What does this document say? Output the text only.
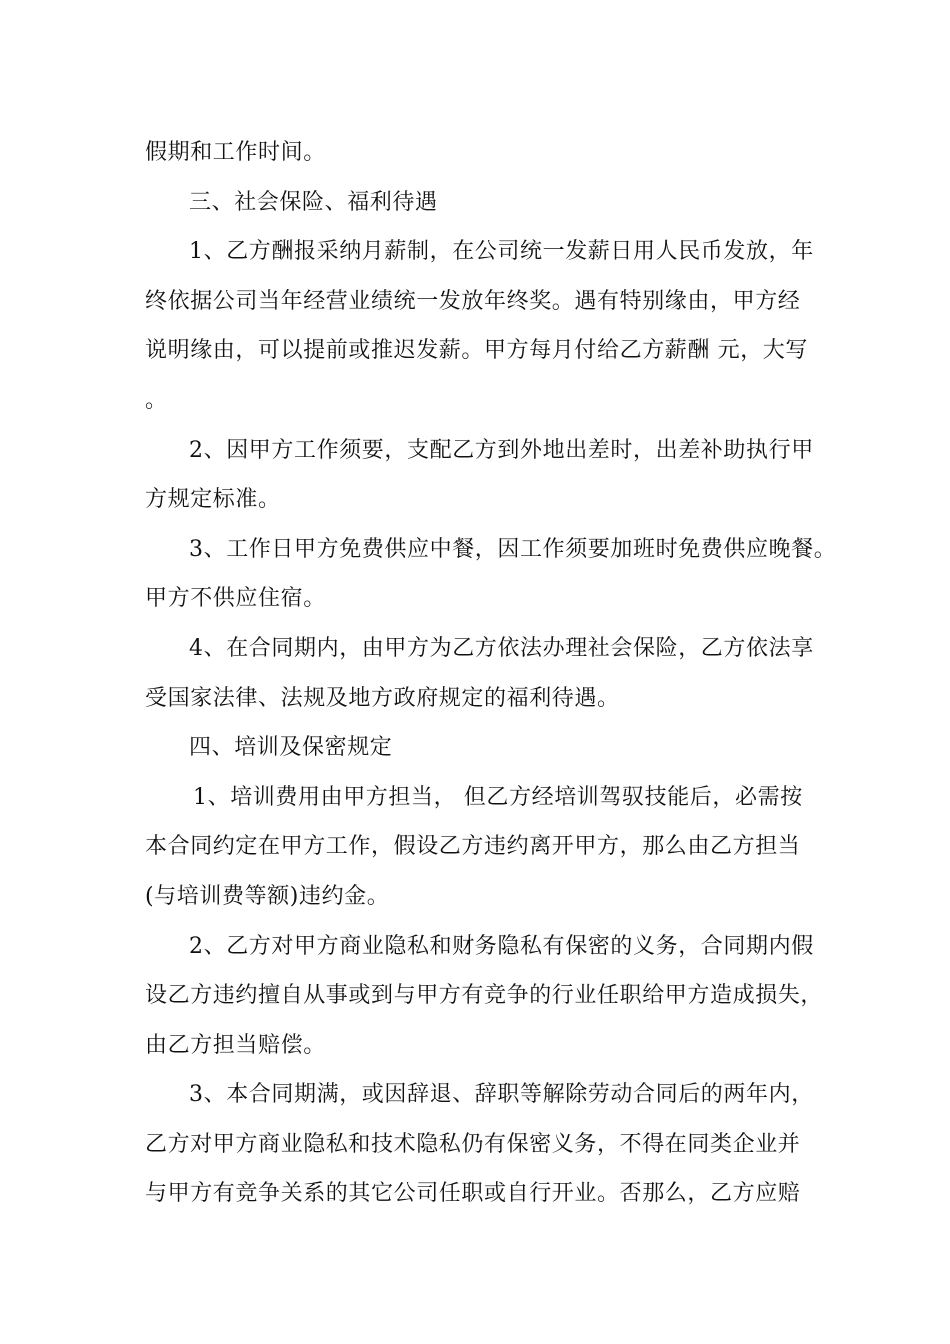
假期和工作时间。
三、社会保险、福利待遇
1、乙方酬报采纳月薪制，在公司统一发薪日用人民币发放，年
终依据公司当年经营业绩统一发放年终奖。遇有特别缘由，甲方经
说明缘由，可以提前或推迟发薪。甲方每月付给乙方薪酬 元，大写
。
2、因甲方工作须要，支配乙方到外地出差时，出差补助执行甲
方规定标准。
3、工作日甲方免费供应中餐，因工作须要加班时免费供应晚餐。
甲方不供应住宿。
4、在合同期内，由甲方为乙方依法办理社会保险，乙方依法享
受国家法律、法规及地方政府规定的福利待遇。
四、培训及保密规定
1、培训费用由甲方担当， 但乙方经培训驾驭技能后，必需按
本合同约定在甲方工作，假设乙方违约离开甲方，那么由乙方担当
(与培训费等额)违约金。
2、乙方对甲方商业隐私和财务隐私有保密的义务，合同期内假
设乙方违约擅自从事或到与甲方有竞争的行业任职给甲方造成损失，
由乙方担当赔偿。
3、本合同期满，或因辞退、辞职等解除劳动合同后的两年内，
乙方对甲方商业隐私和技术隐私仍有保密义务，不得在同类企业并
与甲方有竞争关系的其它公司任职或自行开业。否那么，乙方应赔
